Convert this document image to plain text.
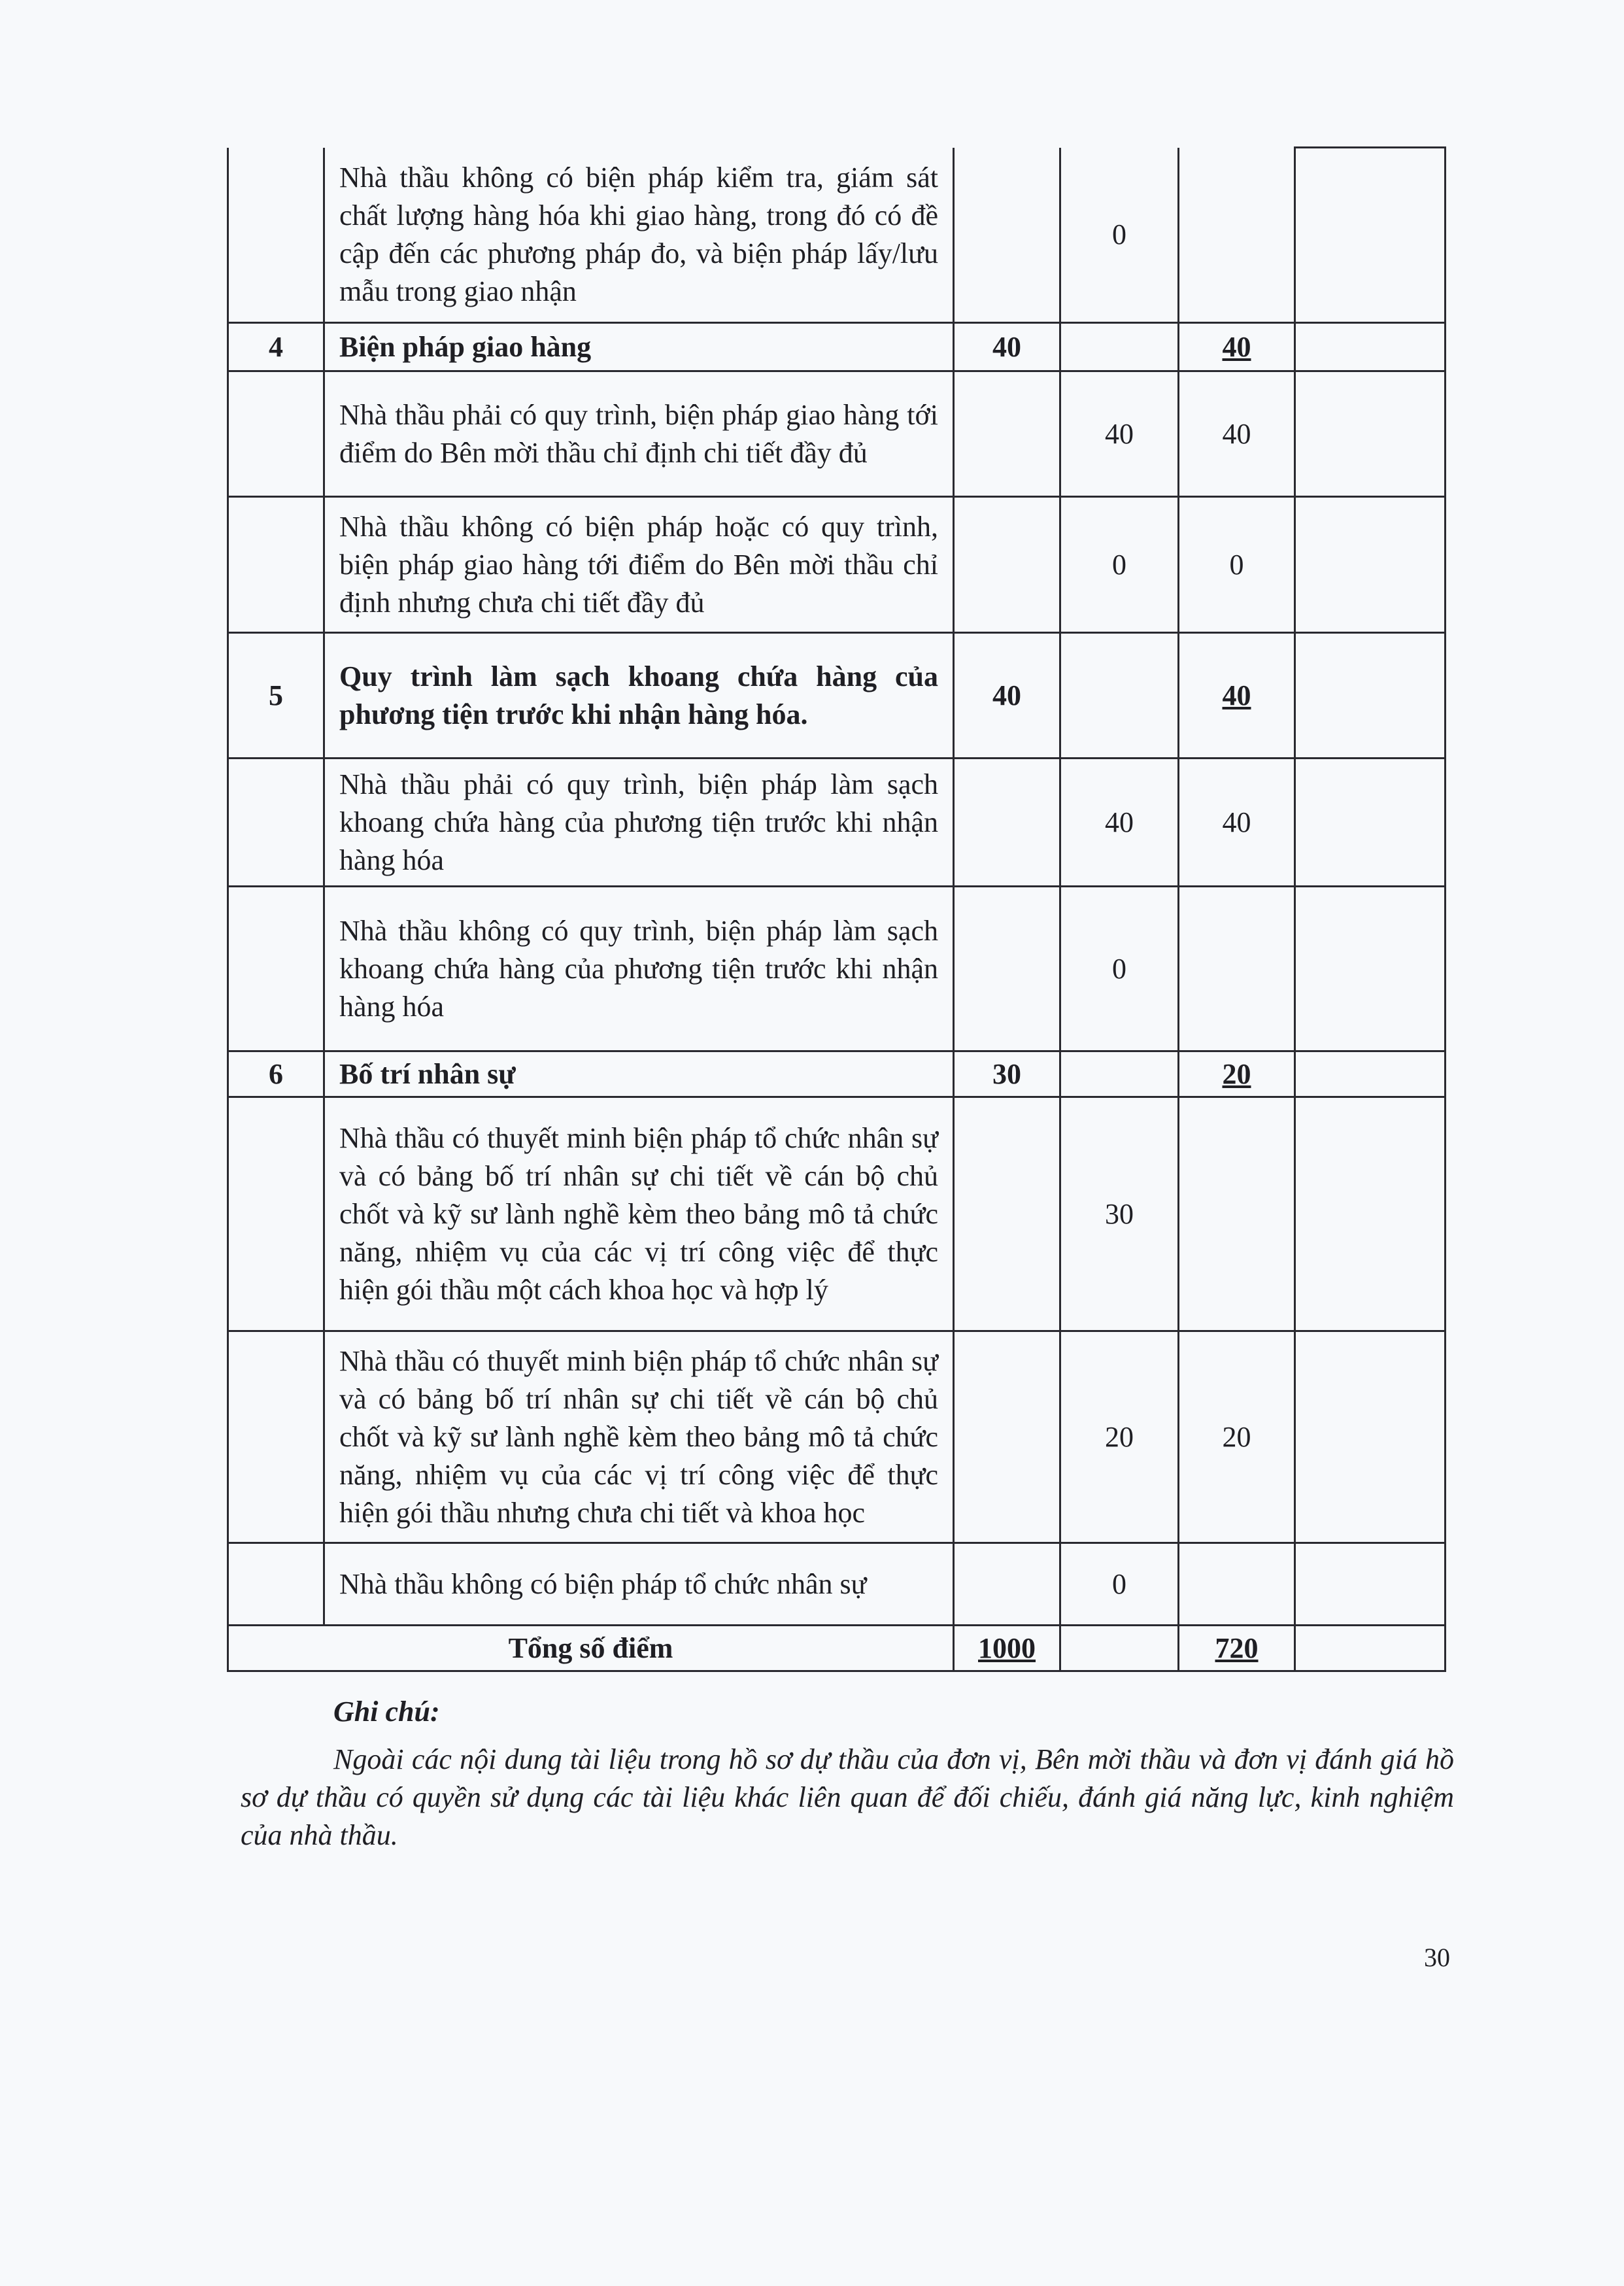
	Nhà thầu không có biện pháp kiểm tra, giám sát chất lượng hàng hóa khi giao hàng, trong đó có đề cập đến các phương pháp đo, và biện pháp lấy/lưu mẫu trong giao nhận		0		
4	Biện pháp giao hàng	40		40	
	Nhà thầu phải có quy trình, biện pháp giao hàng tới điểm do Bên mời thầu chỉ định chi tiết đầy đủ		40	40	
	Nhà thầu không có biện pháp hoặc có quy trình, biện pháp giao hàng tới điểm do Bên mời thầu chỉ định nhưng chưa chi tiết đầy đủ		0	0	
5	Quy trình làm sạch khoang chứa hàng của phương tiện trước khi nhận hàng hóa.	40		40	
	Nhà thầu phải có quy trình, biện pháp làm sạch khoang chứa hàng của phương tiện trước khi nhận hàng hóa		40	40	
	Nhà thầu không có quy trình, biện pháp làm sạch khoang chứa hàng của phương tiện trước khi nhận hàng hóa		0		
6	Bố trí nhân sự	30		20	
	Nhà thầu có thuyết minh biện pháp tổ chức nhân sự và có bảng bố trí nhân sự chi tiết về cán bộ chủ chốt và kỹ sư lành nghề kèm theo bảng mô tả chức năng, nhiệm vụ của các vị trí công việc để thực hiện gói thầu một cách khoa học và hợp lý		30		
	Nhà thầu có thuyết minh biện pháp tổ chức nhân sự và có bảng bố trí nhân sự chi tiết về cán bộ chủ chốt và kỹ sư lành nghề kèm theo bảng mô tả chức năng, nhiệm vụ của các vị trí công việc để thực hiện gói thầu nhưng chưa chi tiết và khoa học		20	20	
	Nhà thầu không có biện pháp tổ chức nhân sự		0		
Tổng số điểm		1000		720	
Ghi chú:
Ngoài các nội dung tài liệu trong hồ sơ dự thầu của đơn vị, Bên mời thầu và đơn vị đánh giá hồ sơ dự thầu có quyền sử dụng các tài liệu khác liên quan để đối chiếu, đánh giá năng lực, kinh nghiệm của nhà thầu.
30
